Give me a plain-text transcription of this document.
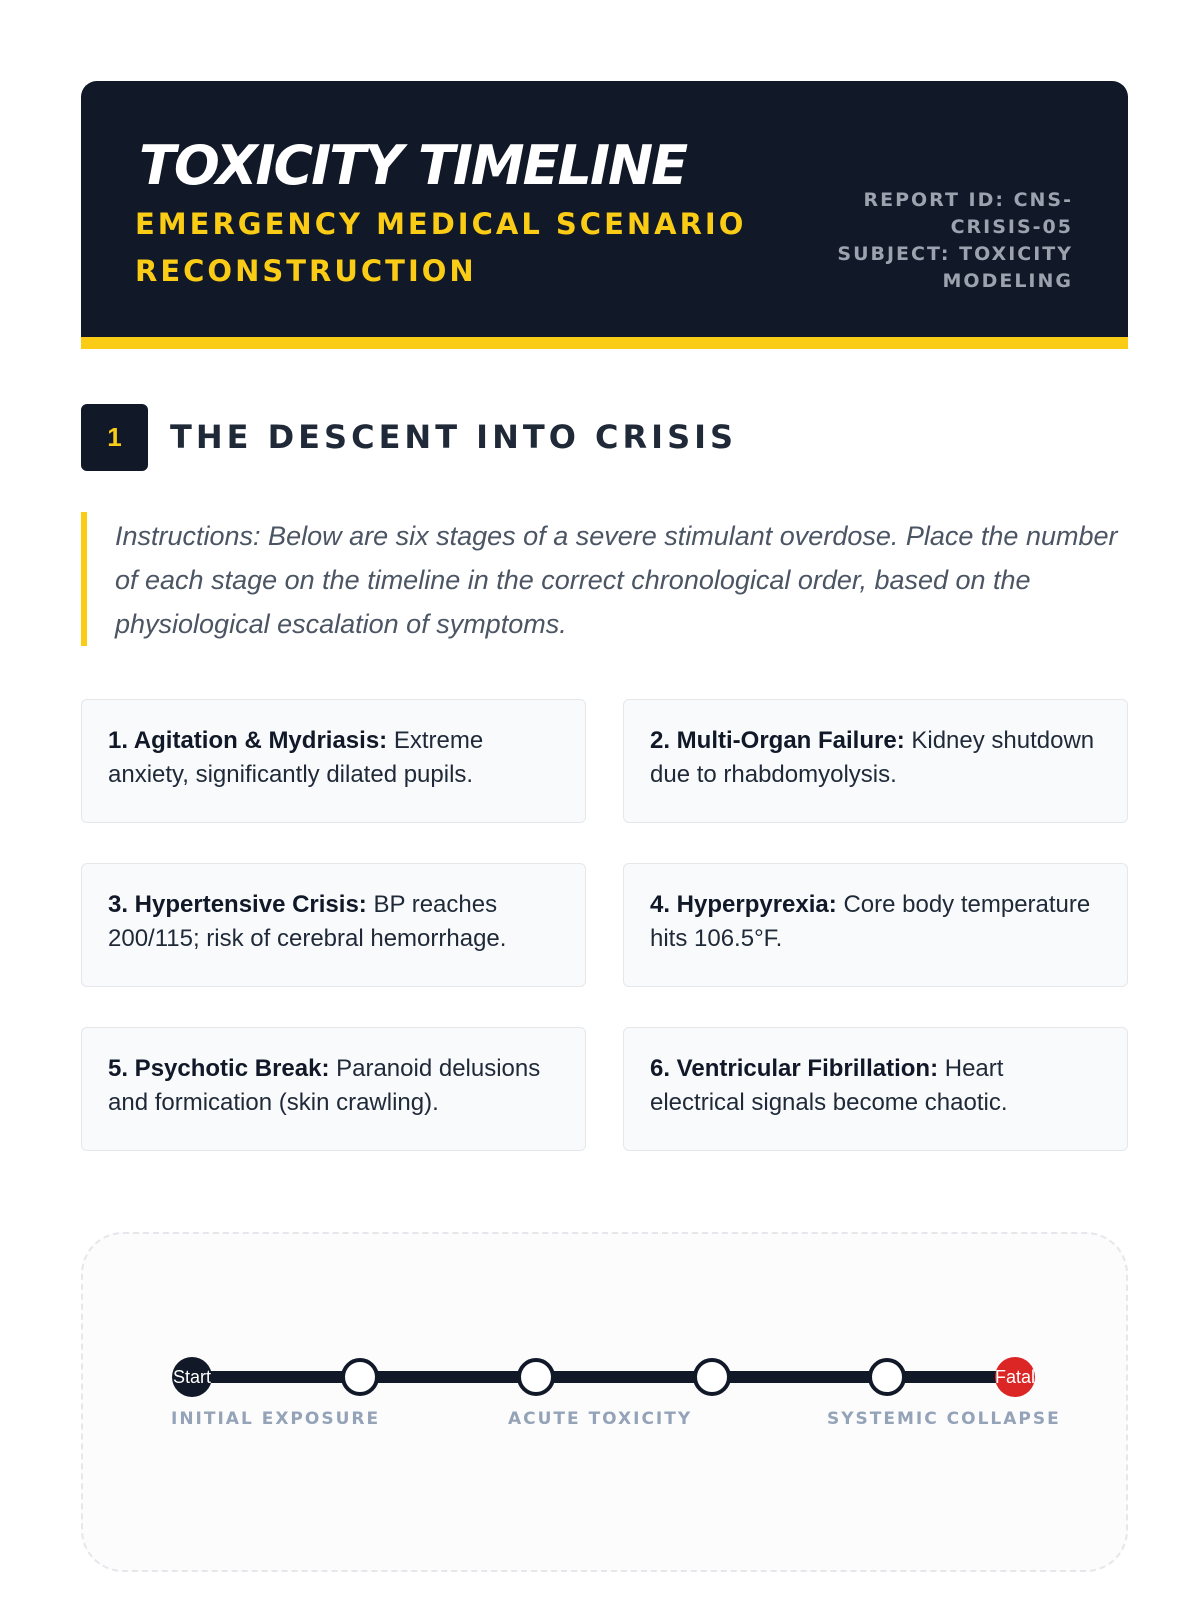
TOXICITY TIMELINE
EMERGENCY MEDICAL SCENARIO RECONSTRUCTION
REPORT ID: CNS-CRISIS-05
SUBJECT: TOXICITY MODELING
1	THE DESCENT INTO CRISIS
Instructions: Below are six stages of a severe stimulant overdose. Place the number of each stage on the timeline in the correct chronological order, based on the physiological escalation of symptoms.
1. Agitation & Mydriasis: Extreme anxiety, significantly dilated pupils.
2. Multi-Organ Failure: Kidney shutdown due to rhabdomyolysis.
3. Hypertensive Crisis: BP reaches 200/115; risk of cerebral hemorrhage.
4. Hyperpyrexia: Core body temperature hits 106.5°F.
5. Psychotic Break: Paranoid delusions and formication (skin crawling).
6. Ventricular Fibrillation: Heart electrical signals become chaotic.
Start	Fatal
INITIAL EXPOSURE	ACUTE TOXICITY	SYSTEMIC COLLAPSE
